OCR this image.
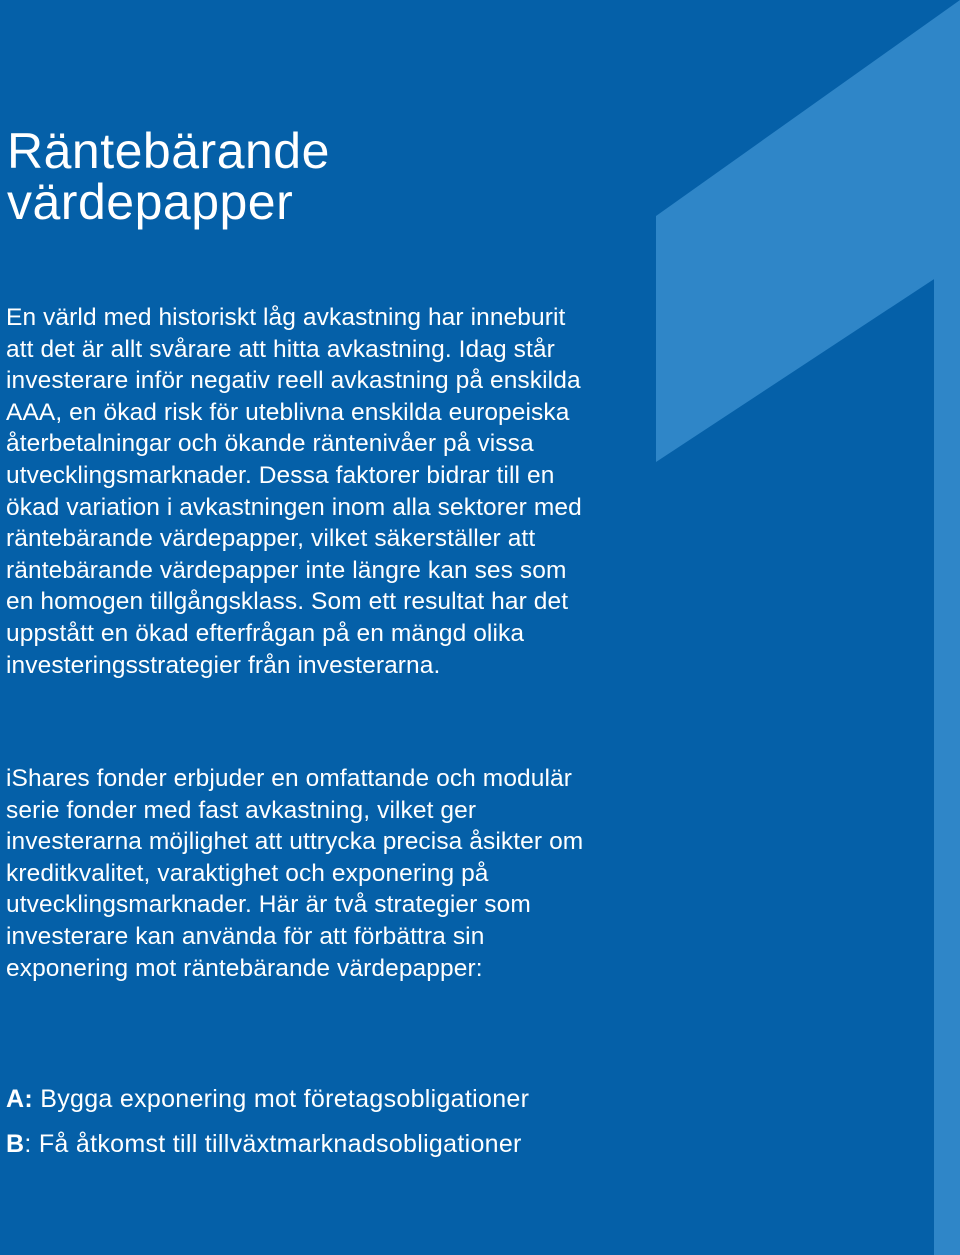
Räntebärande
värdepapper

En värld med historiskt låg avkastning har inneburit att det är allt svårare att hitta avkastning. Idag står investerare inför negativ reell avkastning på enskilda AAA, en ökad risk för uteblivna enskilda europeiska återbetalningar och ökande räntenivåer på vissa utvecklingsmarknader. Dessa faktorer bidrar till en ökad variation i avkastningen inom alla sektorer med räntebärande värdepapper, vilket säkerställer att räntebärande värdepapper inte längre kan ses som en homogen tillgångsklass. Som ett resultat har det uppstått en ökad efterfrågan på en mängd olika investeringsstrategier från investerarna.

iShares fonder erbjuder en omfattande och modulär serie fonder med fast avkastning, vilket ger investerarna möjlighet att uttrycka precisa åsikter om kreditkvalitet, varaktighet och exponering på utvecklingsmarknader. Här är två strategier som investerare kan använda för att förbättra sin exponering mot räntebärande värdepapper:

A: Bygga exponering mot företagsobligationer

B: Få åtkomst till tillväxtmarknadsobligationer
